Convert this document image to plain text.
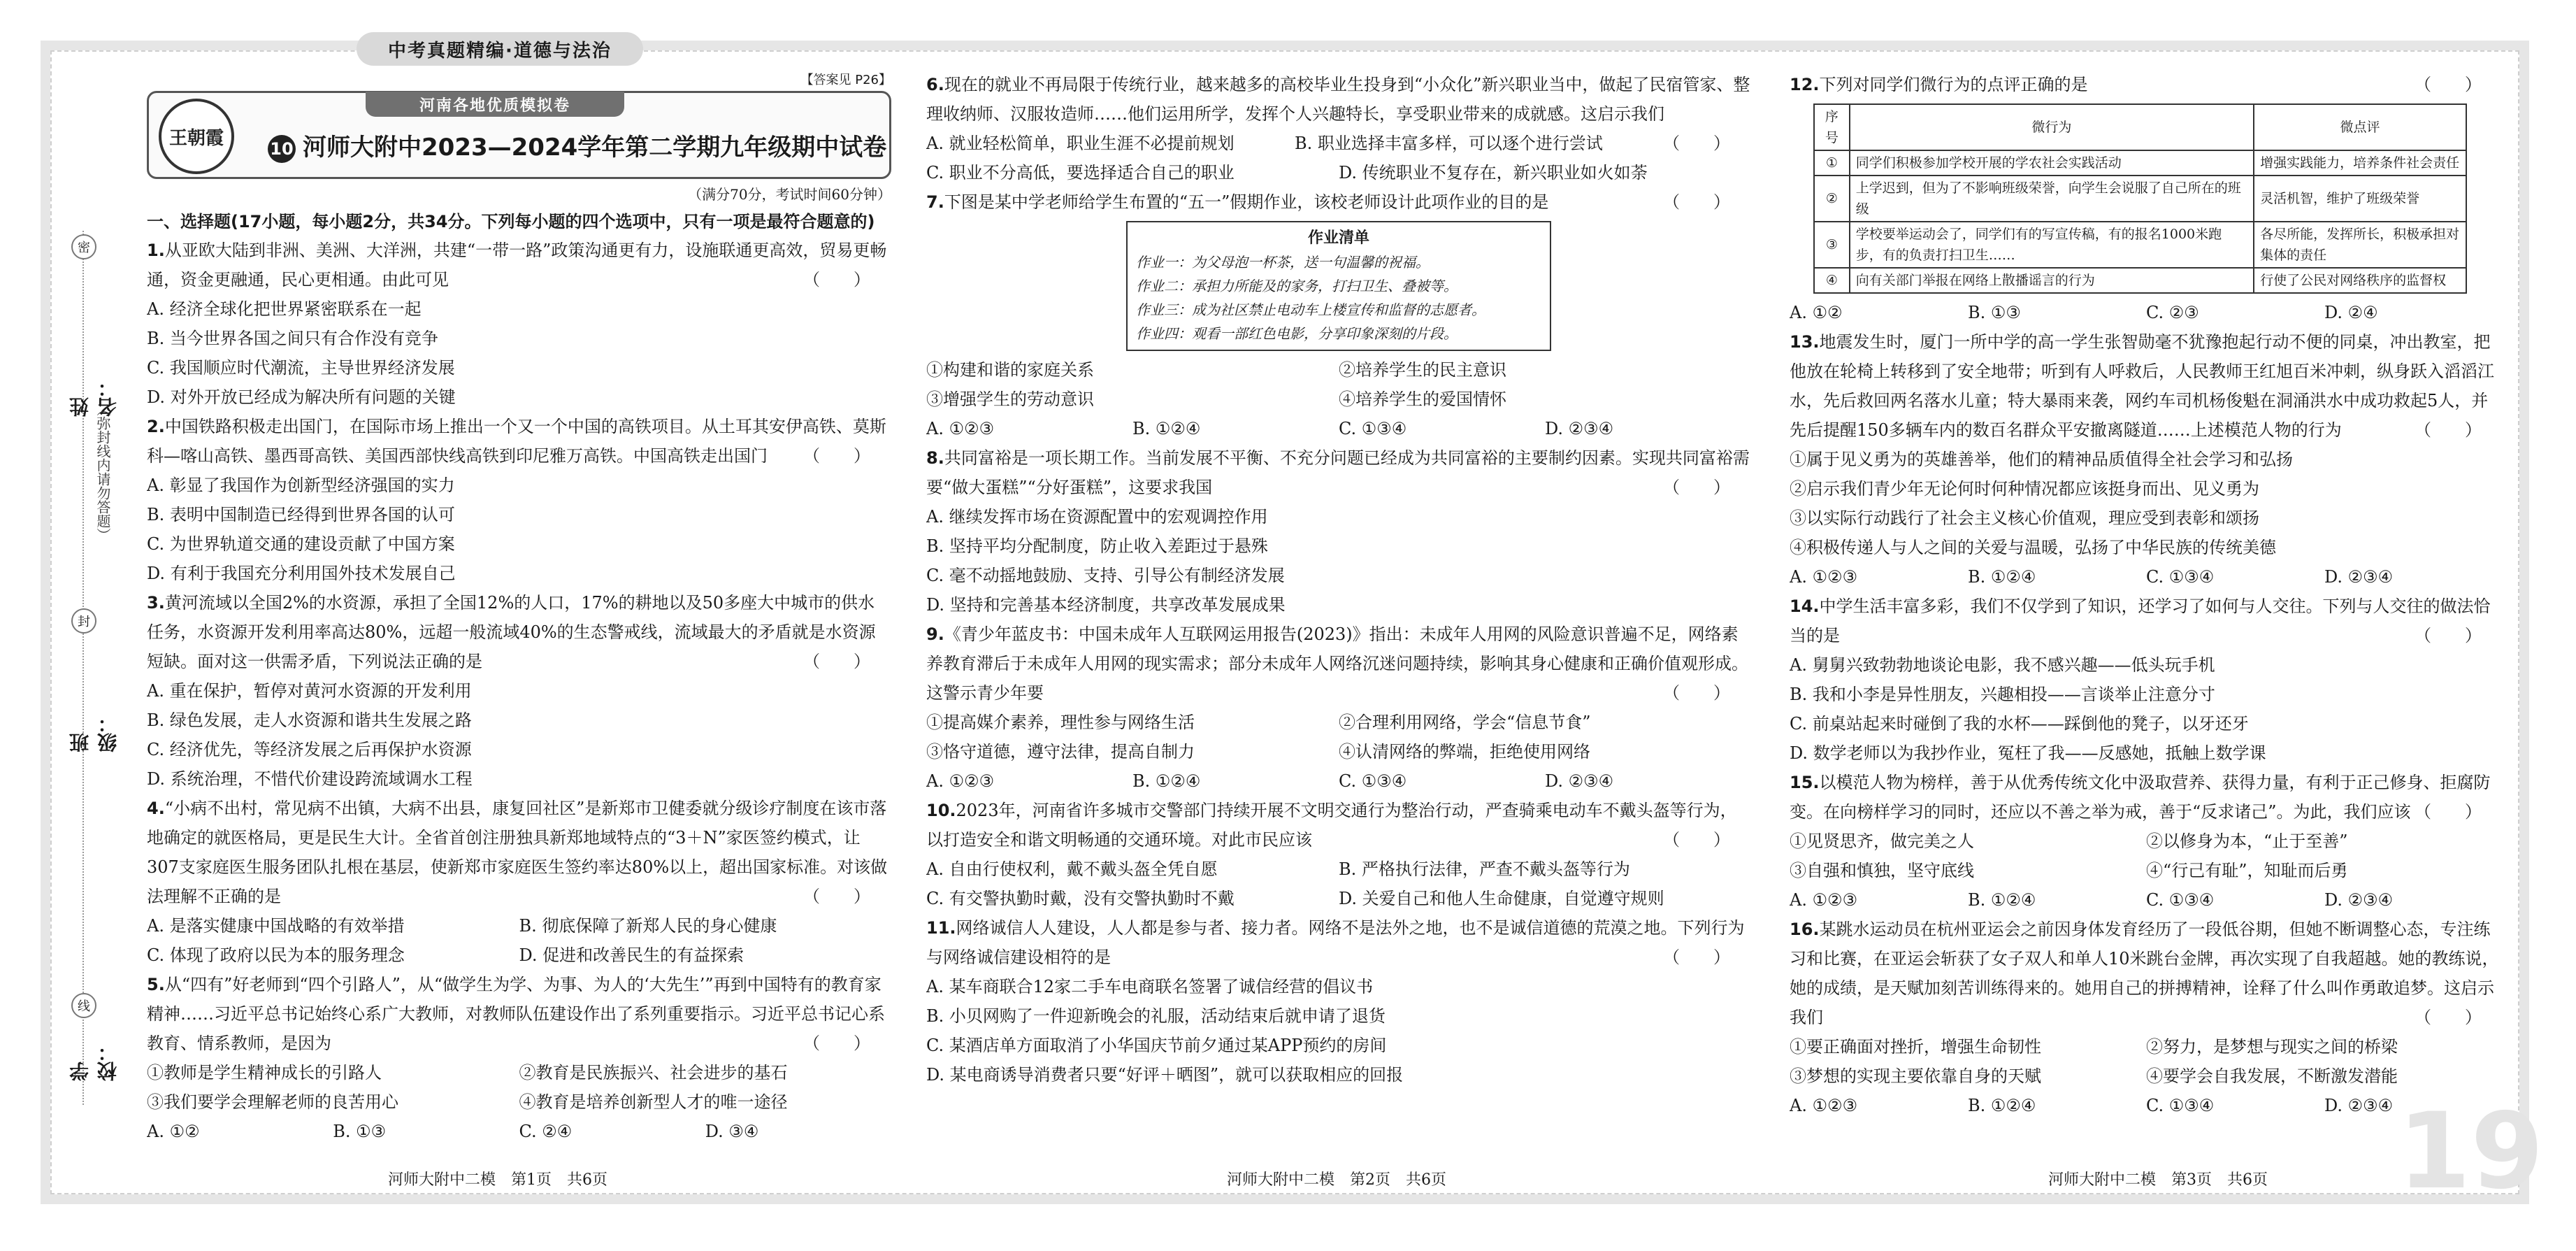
中考真题精编·道德与法治
密
封
线
姓名：
班级：
学校：
（弥封线内请勿答题）

【答案见 P26】

河南各地优质模拟卷
王朝霞	10 河师大附中2023—2024学年第二学期九年级期中试卷

（满分70分，考试时间60分钟）

一、选择题(17小题，每小题2分，共34分。下列每小题的四个选项中，只有一项是最符合题意的)

1.从亚欧大陆到非洲、美洲、大洋洲，共建“一带一路”政策沟通更有力，设施联通更高效，贸易更畅通，资金更融通，民心更相通。由此可见	（　　）

A. 经济全球化把世界紧密联系在一起
B. 当今世界各国之间只有合作没有竞争
C. 我国顺应时代潮流，主导世界经济发展
D. 对外开放已经成为解决所有问题的关键

2.中国铁路积极走出国门，在国际市场上推出一个又一个中国的高铁项目。从土耳其安伊高铁、莫斯科—喀山高铁、墨西哥高铁、美国西部快线高铁到印尼雅万高铁。中国高铁走出国门 （　　）

A. 彰显了我国作为创新型经济强国的实力
B. 表明中国制造已经得到世界各国的认可
C. 为世界轨道交通的建设贡献了中国方案
D. 有利于我国充分利用国外技术发展自己

3.黄河流域以全国2%的水资源，承担了全国12%的人口，17%的耕地以及50多座大中城市的供水任务，水资源开发利用率高达80%，远超一般流域40%的生态警戒线，流域最大的矛盾就是水资源短缺。面对这一供需矛盾，下列说法正确的是	（　　）

A. 重在保护，暂停对黄河水资源的开发利用
B. 绿色发展，走人水资源和谐共生发展之路
C. 经济优先，等经济发展之后再保护水资源
D. 系统治理，不惜代价建设跨流域调水工程

4.“小病不出村，常见病不出镇，大病不出县，康复回社区”是新郑市卫健委就分级诊疗制度在该市落地确定的就医格局，更是民生大计。全省首创注册独具新郑地域特点的“3＋N”家医签约模式，让307支家庭医生服务团队扎根在基层，使新郑市家庭医生签约率达80%以上，超出国家标准。对该做法理解不正确的是	（　　）

A. 是落实健康中国战略的有效举措	B. 彻底保障了新郑人民的身心健康
C. 体现了政府以民为本的服务理念	D. 促进和改善民生的有益探索

5.从“四有”好老师到“四个引路人”，从“做学生为学、为事、为人的‘大先生’”再到中国特有的教育家精神……习近平总书记始终心系广大教师，对教师队伍建设作出了系列重要指示。习近平总书记心系教育、情系教师，是因为	（　　）

①教师是学生精神成长的引路人	②教育是民族振兴、社会进步的基石
③我们要学会理解老师的良苦用心	④教育是培养创新型人才的唯一途径
A. ①②	B. ①③	C. ②④	D. ③④

6.现在的就业不再局限于传统行业，越来越多的高校毕业生投身到“小众化”新兴职业当中，做起了民宿管家、整理收纳师、汉服妆造师……他们运用所学，发挥个人兴趣特长，享受职业带来的成就感。这启示我们
（　　）

A. 就业轻松简单，职业生涯不必提前规划	B. 职业选择丰富多样，可以逐个进行尝试
C. 职业不分高低，要选择适合自己的职业	D. 传统职业不复存在，新兴职业如火如荼

7.下图是某中学老师给学生布置的“五一”假期作业，该校老师设计此项作业的目的是	（　　）

作业清单
作业一：为父母泡一杯茶，送一句温馨的祝福。
作业二：承担力所能及的家务，打扫卫生、叠被等。
作业三：成为社区禁止电动车上楼宣传和监督的志愿者。
作业四：观看一部红色电影，分享印象深刻的片段。
①构建和谐的家庭关系	②培养学生的民主意识
③增强学生的劳动意识	④培养学生的爱国情怀
A. ①②③	B. ①②④	C. ①③④	D. ②③④

8.共同富裕是一项长期工作。当前发展不平衡、不充分问题已经成为共同富裕的主要制约因素。实现共同富裕需要“做大蛋糕”“分好蛋糕”，这要求我国	（　　）

A. 继续发挥市场在资源配置中的宏观调控作用
B. 坚持平均分配制度，防止收入差距过于悬殊
C. 毫不动摇地鼓励、支持、引导公有制经济发展
D. 坚持和完善基本经济制度，共享改革发展成果

9.《青少年蓝皮书：中国未成年人互联网运用报告(2023)》指出：未成年人用网的风险意识普遍不足，网络素养教育滞后于未成年人用网的现实需求；部分未成年人网络沉迷问题持续，影响其身心健康和正确价值观形成。这警示青少年要	（　　）

①提高媒介素养，理性参与网络生活	②合理利用网络，学会“信息节食”
③恪守道德，遵守法律，提高自制力	④认清网络的弊端，拒绝使用网络
A. ①②③	B. ①②④	C. ①③④	D. ②③④

10.2023年，河南省许多城市交警部门持续开展不文明交通行为整治行动，严查骑乘电动车不戴头盔等行为，以打造安全和谐文明畅通的交通环境。对此市民应该	（　　）

A. 自由行使权利，戴不戴头盔全凭自愿	B. 严格执行法律，严查不戴头盔等行为
C. 有交警执勤时戴，没有交警执勤时不戴	D. 关爱自己和他人生命健康，自觉遵守规则

11.网络诚信人人建设，人人都是参与者、接力者。网络不是法外之地，也不是诚信道德的荒漠之地。下列行为与网络诚信建设相符的是	（　　）

A. 某车商联合12家二手车电商联名签署了诚信经营的倡议书
B. 小贝网购了一件迎新晚会的礼服，活动结束后就申请了退货
C. 某酒店单方面取消了小华国庆节前夕通过某APP预约的房间
D. 某电商诱导消费者只要“好评＋晒图”，就可以获取相应的回报

12.下列对同学们微行为的点评正确的是	（　　）

序号	微行为	微点评
①	同学们积极参加学校开展的学农社会实践活动	增强实践能力，培养条件社会责任
②	上学迟到，但为了不影响班级荣誉，向学生会说服了自己所在的班级	灵活机智，维护了班级荣誉
③	学校要举运动会了，同学们有的写宣传稿，有的报名1000米跑步，有的负责打扫卫生……	各尽所能，发挥所长，积极承担对集体的责任
④	向有关部门举报在网络上散播谣言的行为	行使了公民对网络秩序的监督权
A. ①②	B. ①③	C. ②③	D. ②④

13.地震发生时，厦门一所中学的高一学生张智勋毫不犹豫抱起行动不便的同桌，冲出教室，把他放在轮椅上转移到了安全地带；听到有人呼救后，人民教师王红旭百米冲刺，纵身跃入滔滔江水，先后救回两名落水儿童；特大暴雨来袭，网约车司机杨俊魁在洞涌洪水中成功救起5人，并先后提醒150多辆车内的数百名群众平安撤离隧道……上述模范人物的行为	（　　）

①属于见义勇为的英雄善举，他们的精神品质值得全社会学习和弘扬
②启示我们青少年无论何时何种情况都应该挺身而出、见义勇为
③以实际行动践行了社会主义核心价值观，理应受到表彰和颂扬
④积极传递人与人之间的关爱与温暖，弘扬了中华民族的传统美德
A. ①②③	B. ①②④	C. ①③④	D. ②③④

14.中学生活丰富多彩，我们不仅学到了知识，还学习了如何与人交往。下列与人交往的做法恰当的是	（　　）

A. 舅舅兴致勃勃地谈论电影，我不感兴趣——低头玩手机
B. 我和小李是异性朋友，兴趣相投——言谈举止注意分寸
C. 前桌站起来时碰倒了我的水杯——踩倒他的凳子，以牙还牙
D. 数学老师以为我抄作业，冤枉了我——反感她，抵触上数学课

15.以模范人物为榜样，善于从优秀传统文化中汲取营养、获得力量，有利于正己修身、拒腐防变。在向榜样学习的同时，还应以不善之举为戒，善于“反求诸己”。为此，我们应该 （　　）

①见贤思齐，做完美之人	②以修身为本，“止于至善”
③自强和慎独，坚守底线	④“行己有耻”，知耻而后勇
A. ①②③	B. ①②④	C. ①③④	D. ②③④

16.某跳水运动员在杭州亚运会之前因身体发育经历了一段低谷期，但她不断调整心态，专注练习和比赛，在亚运会斩获了女子双人和单人10米跳台金牌，再次实现了自我超越。她的教练说，她的成绩，是天赋加刻苦训练得来的。她用自己的拼搏精神，诠释了什么叫作勇敢追梦。这启示我们	（　　）

①要正确面对挫折，增强生命韧性	②努力，是梦想与现实之间的桥梁
③梦想的实现主要依靠自身的天赋	④要学会自我发展，不断激发潜能
A. ①②③	B. ①②④	C. ①③④	D. ②③④
河师大附中二模　第1页　共6页	河师大附中二模　第2页　共6页	河师大附中二模　第3页　共6页 19
